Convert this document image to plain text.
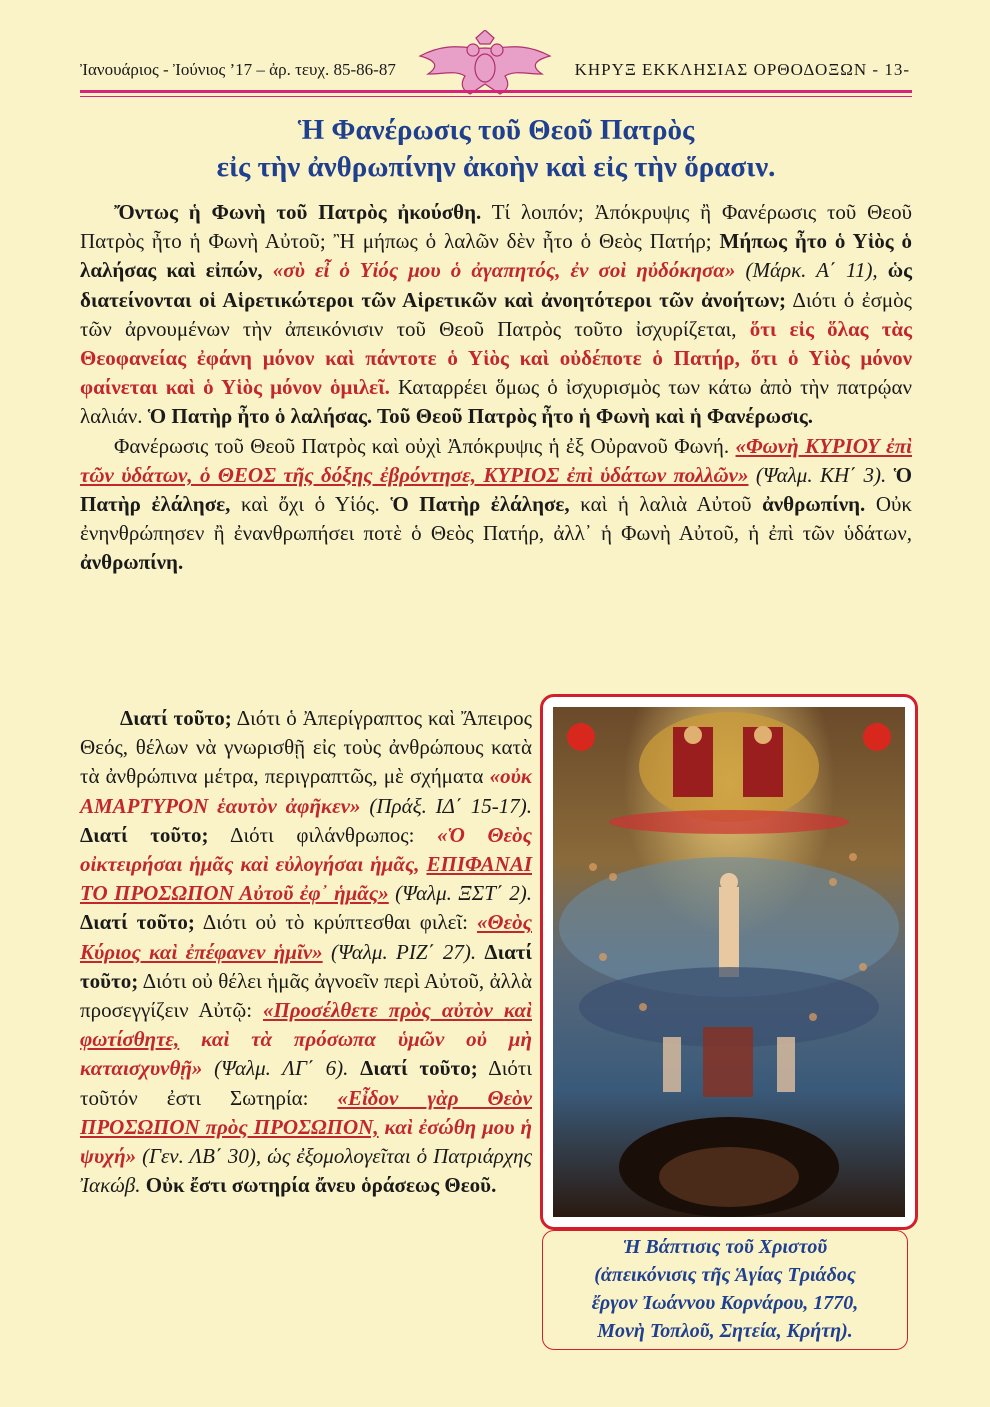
Ἰανουάριος - Ἰούνιος ’17 – ἀρ. τευχ. 85-86-87	ΚΗΡΥΞ ΕΚΚΛΗΣΙΑΣ ΟΡΘΟΔΟΞΩΝ - 13-
Ἡ Φανέρωσις τοῦ Θεοῦ Πατρὸς
εἰς τὴν ἀνθρωπίνην ἀκοὴν καὶ εἰς τὴν ὅρασιν.

Ὄντως ἡ Φωνὴ τοῦ Πατρὸς ἠκούσθη. Τί λοιπόν; Ἀπόκρυψις ἢ Φανέρωσις τοῦ Θεοῦ Πατρὸς ἦτο ἡ Φωνὴ Αὐτοῦ; Ἢ μήπως ὁ λαλῶν δὲν ἦτο ὁ Θεὸς Πατήρ; Μήπως ἦτο ὁ Υἱὸς ὁ λαλήσας καὶ εἰπών, «σὺ εἶ ὁ Υἱός μου ὁ ἀγαπητός, ἐν σοὶ ηὐδόκησα» (Μάρκ. Α΄ 11), ὡς διατείνονται οἱ Αἱρετικώτεροι τῶν Αἱρετικῶν καὶ ἀνοητότεροι τῶν ἀνοήτων; Διότι ὁ ἐσμὸς τῶν ἀρνουμένων τὴν ἀπεικόνισιν τοῦ Θεοῦ Πατρὸς τοῦτο ἰσχυρίζεται, ὅτι εἰς ὅλας τὰς Θεοφανείας ἐφάνη μόνον καὶ πάντοτε ὁ Υἱὸς καὶ οὐδέποτε ὁ Πατήρ, ὅτι ὁ Υἱὸς μόνον φαίνεται καὶ ὁ Υἱὸς μόνον ὁμιλεῖ. Καταρρέει ὅμως ὁ ἰσχυρισμὸς των κάτω ἀπὸ τὴν πατρῴαν λαλιάν. Ὁ Πατὴρ ἦτο ὁ λαλήσας. Τοῦ Θεοῦ Πατρὸς ἦτο ἡ Φωνὴ καὶ ἡ Φανέρωσις.

Φανέρωσις τοῦ Θεοῦ Πατρὸς καὶ οὐχὶ Ἀπόκρυψις ἡ ἐξ Οὐρανοῦ Φωνή. «Φωνὴ ΚΥΡΙΟΥ ἐπὶ τῶν ὑδάτων, ὁ ΘΕΟΣ τῆς δόξης ἐβρόντησε, ΚΥΡΙΟΣ ἐπὶ ὑδάτων πολλῶν» (Ψαλμ. ΚΗ΄ 3). Ὁ Πατὴρ ἐλάλησε, καὶ ὄχι ὁ Υἱός. Ὁ Πατὴρ ἐλάλησε, καὶ ἡ λαλιὰ Αὐτοῦ ἀνθρωπίνη. Οὐκ ἐνηνθρώπησεν ἢ ἐνανθρωπήσει ποτὲ ὁ Θεὸς Πατήρ, ἀλλ᾽ ἡ Φωνὴ Αὐτοῦ, ἡ ἐπὶ τῶν ὑδάτων, ἀνθρωπίνη.

Διατί τοῦτο; Διότι ὁ Ἀπερίγραπτος καὶ Ἄπειρος Θεός, θέλων νὰ γνωρισθῇ εἰς τοὺς ἀνθρώπους κατὰ τὰ ἀνθρώπινα μέτρα, περιγραπτῶς, μὲ σχήματα «οὐκ ΑΜΑΡΤΥΡΟΝ ἑαυτὸν ἀφῆκεν» (Πράξ. ΙΔ΄ 15-17). Διατί τοῦτο; Διότι φιλάνθρωπος: «Ὁ Θεὸς οἰκτειρήσαι ἡμᾶς καὶ εὐλογήσαι ἡμᾶς, ΕΠΙΦΑΝΑΙ ΤΟ ΠΡΟΣΩΠΟΝ Αὐτοῦ ἐφ᾽ ἡμᾶς» (Ψαλμ. ΞΣΤ΄ 2). Διατί τοῦτο; Διότι οὐ τὸ κρύπτεσθαι φιλεῖ: «Θεὸς Κύριος καὶ ἐπέφανεν ἡμῖν» (Ψαλμ. ΡΙΖ΄ 27). Διατί τοῦτο; Διότι οὐ θέλει ἡμᾶς ἀγνοεῖν περὶ Αὐτοῦ, ἀλλὰ προσεγγίζειν Αὐτῷ: «Προσέλθετε πρὸς αὐτὸν καὶ φωτίσθητε, καὶ τὰ πρόσωπα ὑμῶν οὐ μὴ καταισχυνθῇ» (Ψαλμ. ΛΓ΄ 6). Διατί τοῦτο; Διότι τοῦτόν ἐστι Σωτηρία: «Εἶδον γὰρ Θεὸν ΠΡΟΣΩΠΟΝ πρὸς ΠΡΟΣΩΠΟΝ, καὶ ἐσώθη μου ἡ ψυχή» (Γεν. ΛΒ΄ 30), ὡς ἐξομολογεῖται ὁ Πατριάρχης Ἰακώβ. Οὐκ ἔστι σωτηρία ἄνευ ὁράσεως Θεοῦ.

Ἡ Βάπτισις τοῦ Χριστοῦ
(ἀπεικόνισις τῆς Ἁγίας Τριάδος
ἔργον Ἰωάννου Κορνάρου, 1770,
Μονὴ Τοπλοῦ, Σητεία, Κρήτη).
